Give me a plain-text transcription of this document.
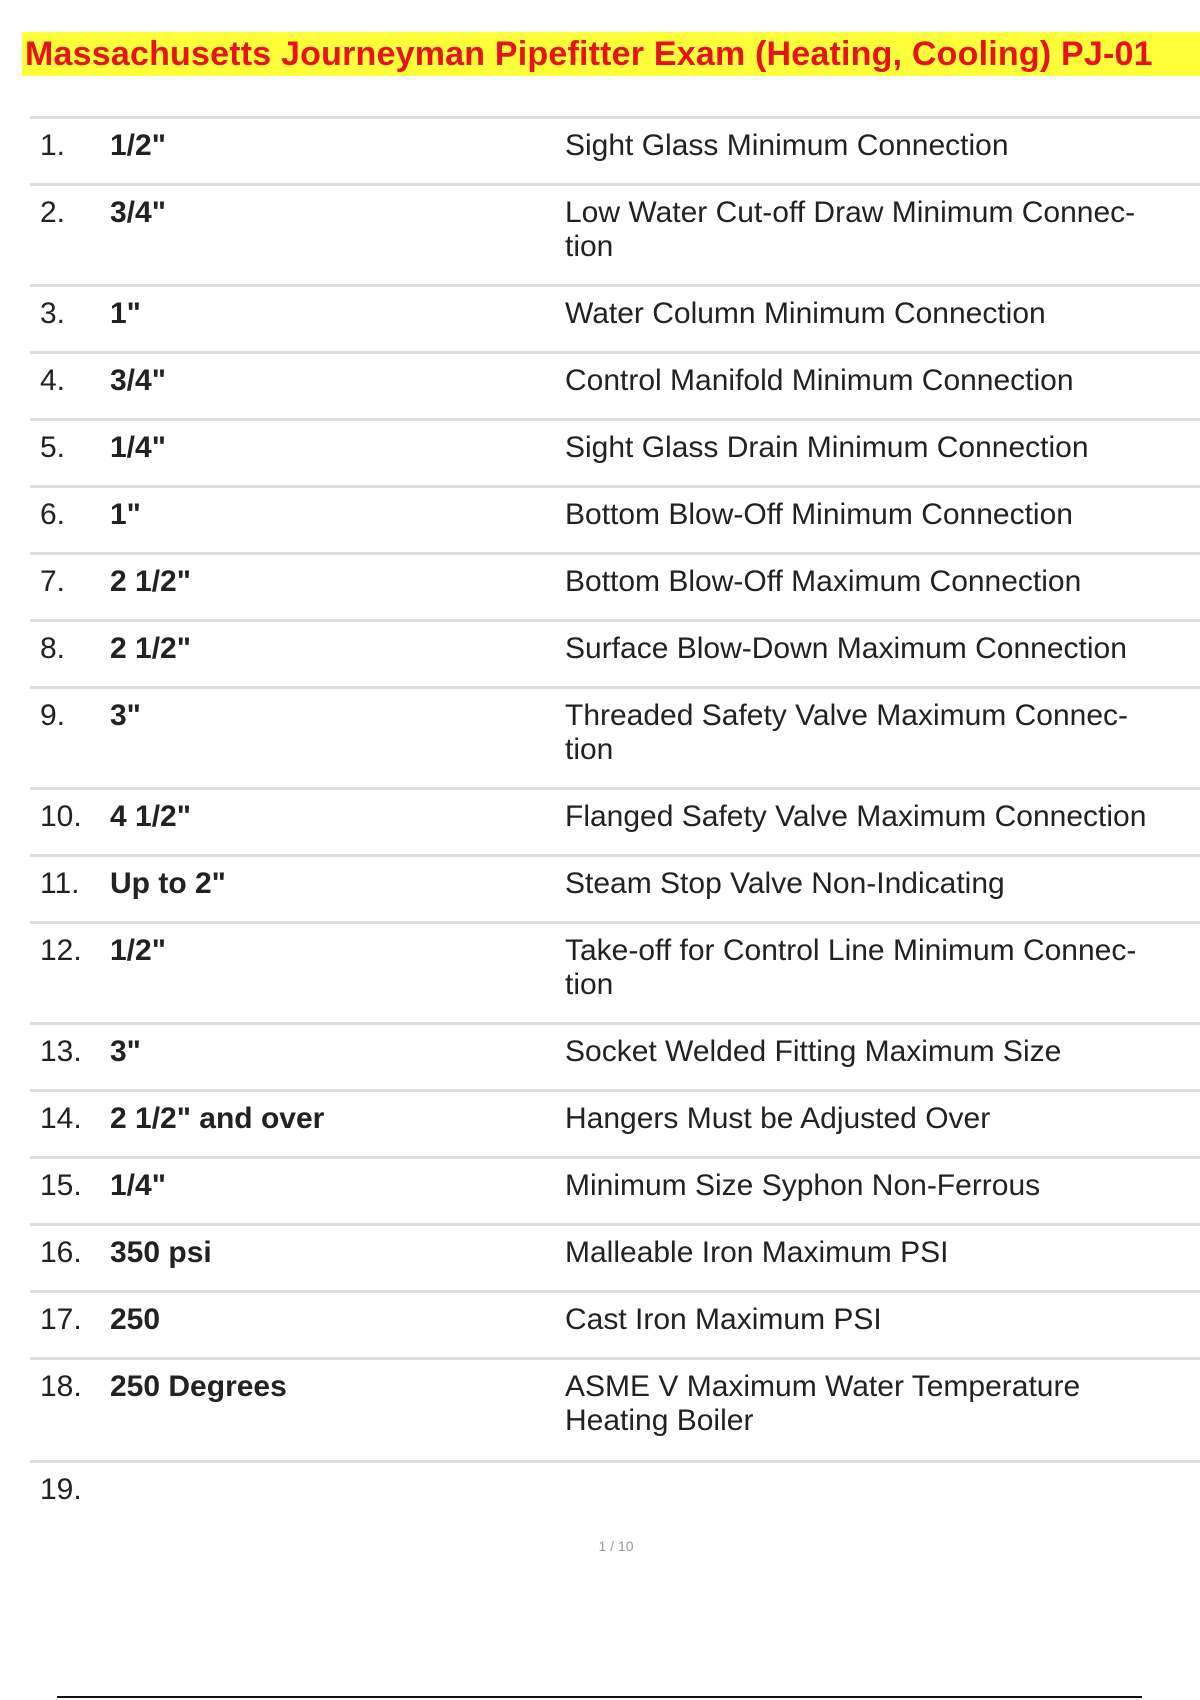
Massachusetts Journeyman Pipefitter Exam (Heating, Cooling) PJ-01
1. 1/2"	Sight Glass Minimum Connection
2. 3/4"	Low Water Cut-off Draw Minimum Connec-
tion
3. 1"	Water Column Minimum Connection
4. 3/4"	Control Manifold Minimum Connection
5. 1/4"	Sight Glass Drain Minimum Connection
6. 1"	Bottom Blow-Off Minimum Connection
7. 2 1/2"	Bottom Blow-Off Maximum Connection
8. 2 1/2"	Surface Blow-Down Maximum Connection
9. 3"	Threaded Safety Valve Maximum Connec-
tion
10. 4 1/2"	Flanged Safety Valve Maximum Connection
11. Up to 2"	Steam Stop Valve Non-Indicating
12. 1/2"	Take-off for Control Line Minimum Connec-
tion
13. 3"	Socket Welded Fitting Maximum Size
14. 2 1/2" and over	Hangers Must be Adjusted Over
15. 1/4"	Minimum Size Syphon Non-Ferrous
16. 350 psi	Malleable Iron Maximum PSI
17. 250	Cast Iron Maximum PSI
18. 250 Degrees	ASME V Maximum Water Temperature
Heating Boiler
19.
1 / 10
